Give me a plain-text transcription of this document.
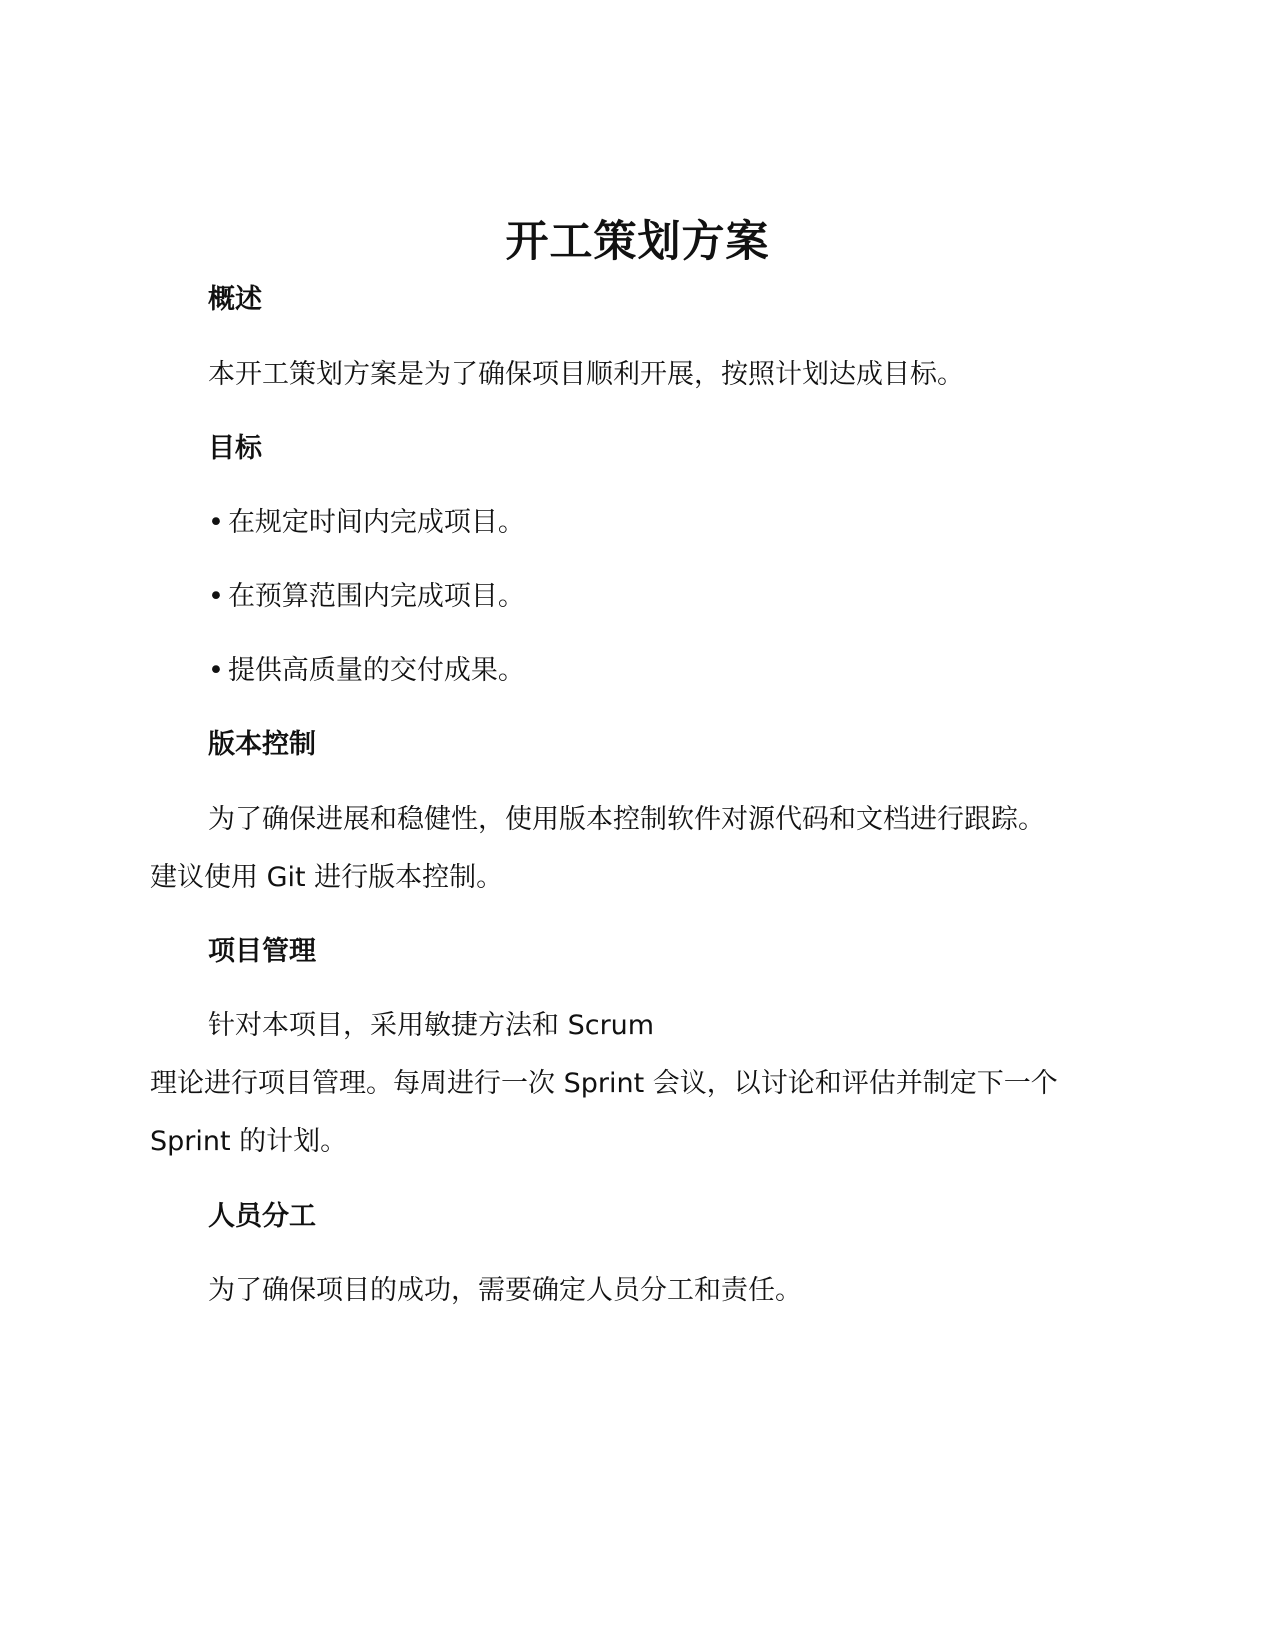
开工策划方案
概述

本开工策划方案是为了确保项目顺利开展，按照计划达成目标。

目标

• 在规定时间内完成项目。

• 在预算范围内完成项目。

• 提供高质量的交付成果。

版本控制

为了确保进展和稳健性，使用版本控制软件对源代码和文档进行跟踪。

建议使用 Git 进行版本控制。

项目管理

针对本项目，采用敏捷方法和 Scrum

理论进行项目管理。每周进行一次 Sprint 会议，以讨论和评估并制定下一个

Sprint 的计划。

人员分工

为了确保项目的成功，需要确定人员分工和责任。
